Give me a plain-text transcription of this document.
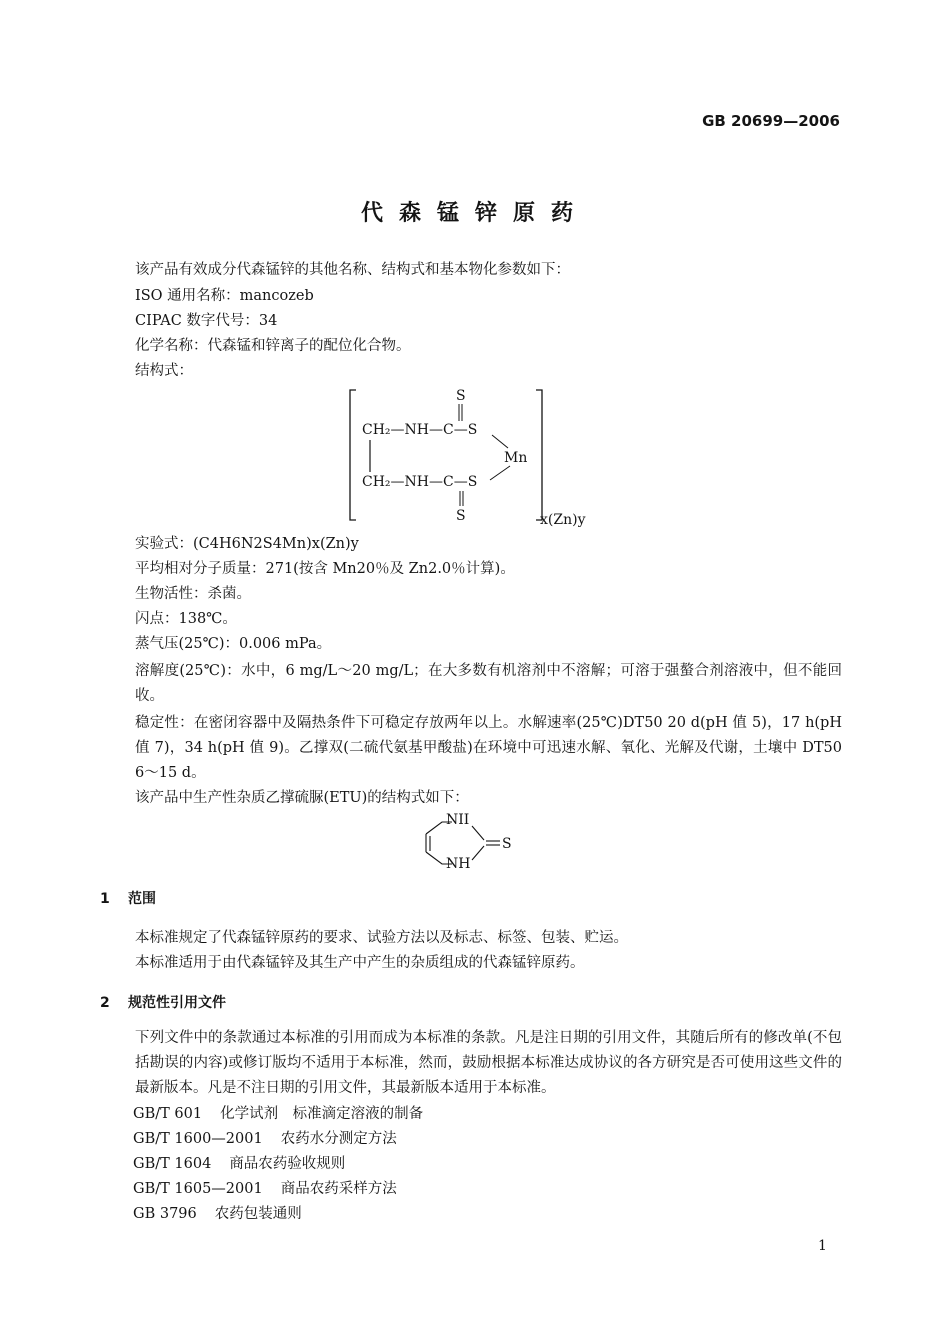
GB 20699—2006
代森锰锌原药
该产品有效成分代森锰锌的其他名称、结构式和基本物化参数如下：
ISO 通用名称：mancozeb
CIPAC 数字代号：34
化学名称：代森锰和锌离子的配位化合物。
结构式：
S
CH₂—NH—C—S
CH₂—NH—C—S
S
Mn
x(Zn)y
实验式：(C4H6N2S4Mn)x(Zn)y
平均相对分子质量：271(按含 Mn20％及 Zn2.0％计算)。
生物活性：杀菌。
闪点：138℃。
蒸气压(25℃)：0.006 mPa。
溶解度(25℃)：水中，6 mg/L～20 mg/L；在大多数有机溶剂中不溶解；可溶于强螯合剂溶液中，但不能回收。
稳定性：在密闭容器中及隔热条件下可稳定存放两年以上。水解速率(25℃)DT50 20 d(pH 值 5)，17 h(pH 值 7)，34 h(pH 值 9)。乙撑双(二硫代氨基甲酸盐)在环境中可迅速水解、氧化、光解及代谢，土壤中 DT50 6～15 d。
该产品中生产性杂质乙撑硫脲(ETU)的结构式如下：
NII
NH
S
1 范围
本标准规定了代森锰锌原药的要求、试验方法以及标志、标签、包装、贮运。
本标准适用于由代森锰锌及其生产中产生的杂质组成的代森锰锌原药。
2 规范性引用文件
下列文件中的条款通过本标准的引用而成为本标准的条款。凡是注日期的引用文件，其随后所有的修改单(不包括勘误的内容)或修订版均不适用于本标准，然而，鼓励根据本标准达成协议的各方研究是否可使用这些文件的最新版本。凡是不注日期的引用文件，其最新版本适用于本标准。
GB/T 601 化学试剂　标准滴定溶液的制备
GB/T 1600—2001 农药水分测定方法
GB/T 1604 商品农药验收规则
GB/T 1605—2001 商品农药采样方法
GB 3796 农药包装通则
1
